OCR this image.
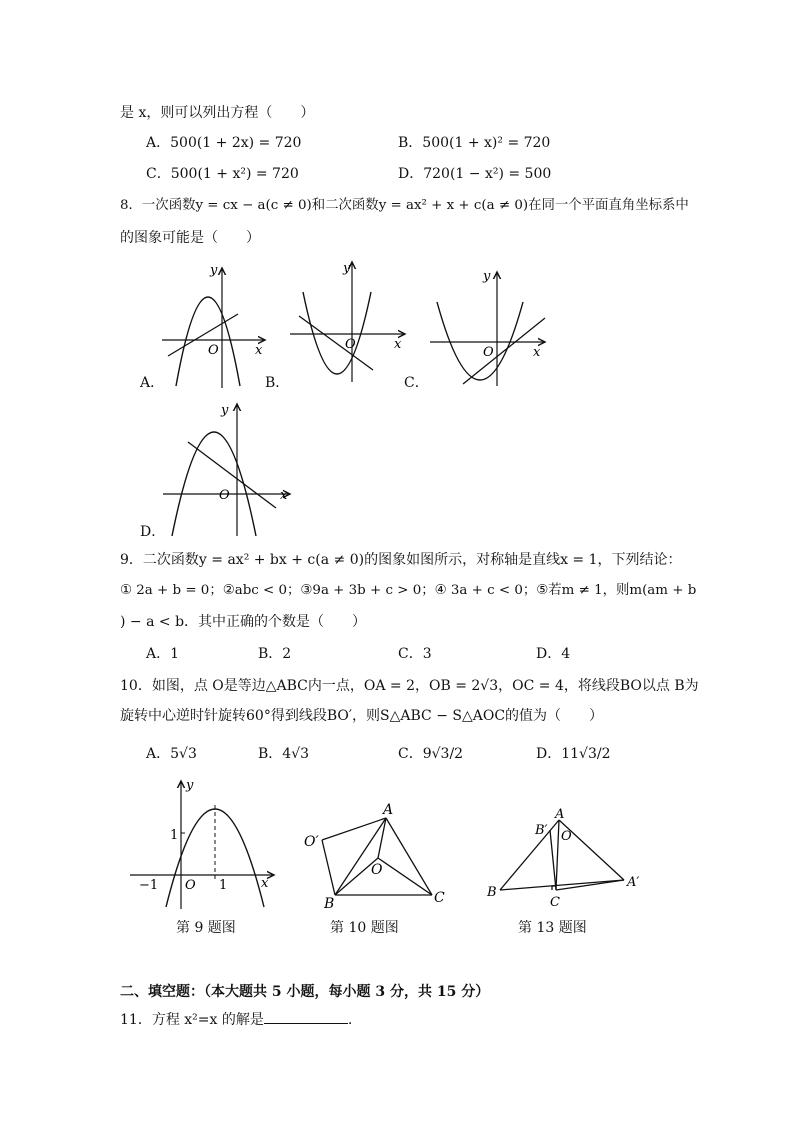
是 x，则可以列出方程（　　）
A．500(1 + 2x) = 720	B．500(1 + x)² = 720
C．500(1 + x²) = 720	D．720(1 − x²) = 500
8．一次函数y = cx − a(c ≠ 0)和二次函数y = ax² + x + c(a ≠ 0)在同一个平面直角坐标系中
的图象可能是（　　）
y
O	x
A．
y
O	x
B．
y
O	x
C．
y
O	x
D．
9．二次函数y = ax² + bx + c(a ≠ 0)的图象如图所示，对称轴是直线x = 1，下列结论：
① 2a + b = 0；②abc < 0；③9a + 3b + c > 0；④ 3a + c < 0；⑤若m ≠ 1，则m(am + b
) − a < b．其中正确的个数是（　　）
A．1	B．2	C．3	D．4
10．如图，点 O是等边△ABC内一点，OA = 2，OB = 2√3，OC = 4，将线段BO以点 B为
旋转中心逆时针旋转60°得到线段BO′，则S△ABC − S△AOC的值为（　　）
A．5√3	B．4√3	C．9√3/2	D．11√3/2
y
1
−1 O 1	x
第 9 题图
A
B	C
O
O′
第 10 题图
A
B′ O
B
C
A′
第 13 题图
二、填空题：（本大题共 5 小题，每小题 3 分，共 15 分）
11．方程 x²=x 的解是	.
